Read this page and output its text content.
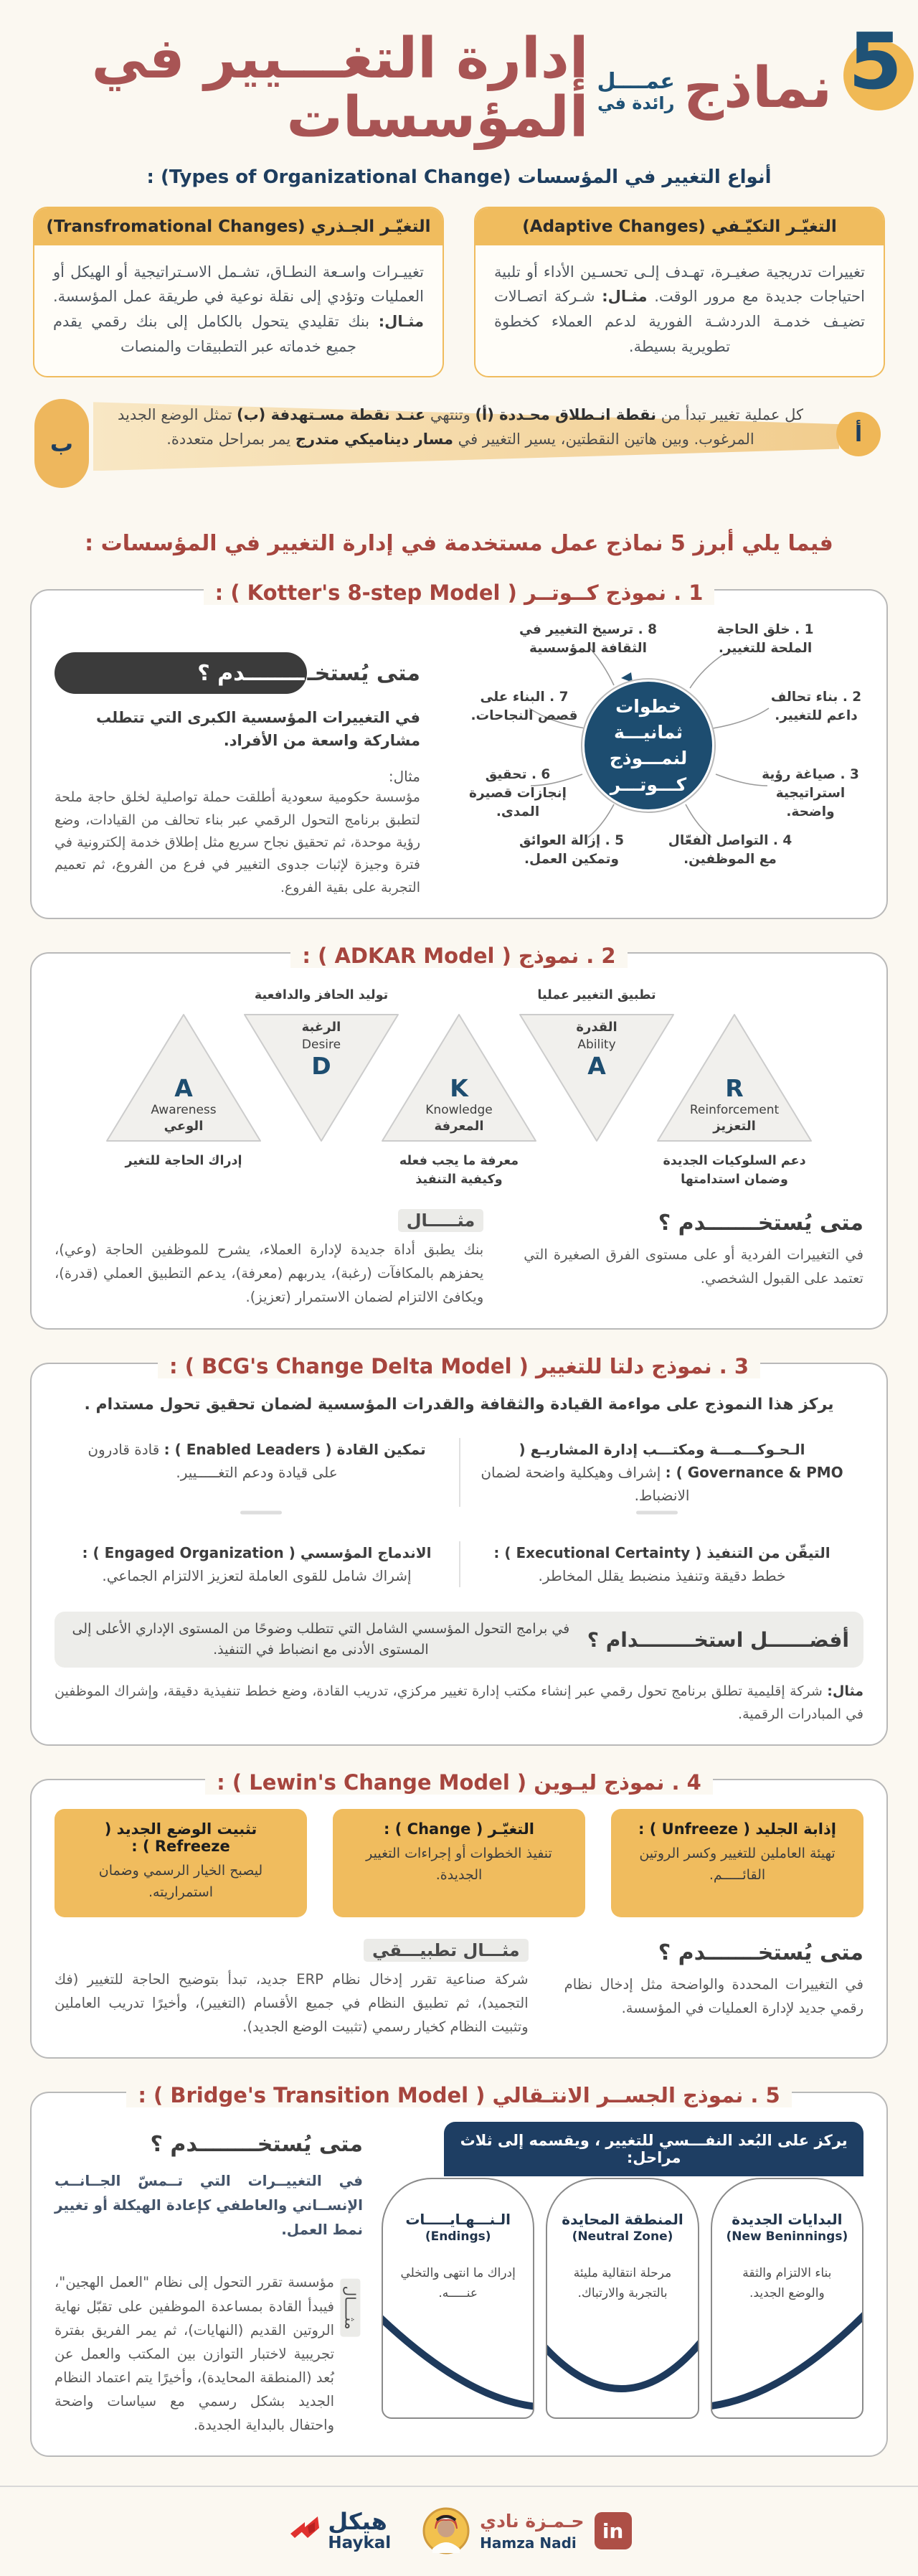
5
نماذج
عمــــل
رائدة في
إدارة التغـــيير في المؤسسات
أنواع التغيير في المؤسسات (Types of Organizational Change) :
التغيّـر التكيّـفي (Adaptive Changes)
تغييرات تدريجية صغيـرة، تهـدف إلـى تحسـين الأداء أو تلبية احتياجات جديدة مع مرور الوقت. مثـال: شـركة اتصـالات تضيـف خدمـة الدردشـة الفورية لدعم العملاء كخطوة تطويرية بسيطة.
التغيّـر الجـذري (Transfromational Changes)
تغييـرات واسـعة النطـاق، تشـمل الاسـتراتيجية أو الهيكل أو العمليات وتؤدي إلى نقلة نوعية في طريقة عمل المؤسسة. مثـال: بنك تقليدي يتحول بالكامل إلى بنك رقمي يقدم جميع خدماته عبر التطبيقات والمنصات
أ
ب
كل عملية تغيير تبدأ من نقطة انـطلاق محـددة (أ) وتنتهي عنـد نقطة مسـتهدفة (ب) تمثل الوضع الجديد المرغوب. وبين هاتين النقطتين، يسير التغيير في مسار ديناميكي متدرج يمر بمراحل متعددة.
فيما يلي أبرز 5 نماذج عمل مستخدمة في إدارة التغيير في المؤسسات :
1 . نموذج كــوتــر ( Kotter's 8-step Model ) :
خطوات ثمانيـــة لنمـــوذج كـــوتـــر
1 . خلق الحاجة الملحة للتغيير.
8 . ترسيخ التغيير في الثقافة المؤسسية
2 . بناء تحالف داعم للتغيير.
7 . البناء على قصص النجاحات.
3 . صياغة رؤية استراتيجية واضحة.
6 . تحقيق إنجازات قصيرة المدى.
4 . التواصل الفعّال مع الموظفين.
5 . إزالة العوائق وتمكين العمل.
متى يُستخـ
ــــــــدم ؟
في التغييرات المؤسسية الكبرى التي تتطلب مشاركة واسعة من الأفراد.
مثال:
مؤسسة حكومية سعودية أطلقت حملة تواصلية لخلق حاجة ملحة لتطبق برنامج التحول الرقمي عبر بناء تحالف من القيادات، وضع رؤية موحدة، ثم تحقيق نجاح سريع مثل إطلاق خدمة إلكترونية في فترة وجيزة لإثبات جدوى التغيير في فرع من الفروع، ثم تعميم التجربة على بقية الفروع.
2 . نموذج ( ADKAR Model ) :
تطبيق التغيير عمليا
توليد الحافز والدافعية
R
Reinforcement
التعزيز
القدرة
Ability
A
K
Knowledge
المعرفة
الرغبة
Desire
D
A
Awareness
الوعي
دعم السلوكيات الجديدة وضمان استدامتها
معرفة ما يجب فعله وكيفية التنفيذ
إدراك الحاجة للتغير
متى يُستخـــــــدم ؟
في التغييرات الفردية أو على مستوى الفرق الصغيرة التي تعتمد على القبول الشخصي.
مثـــــال
بنك يطبق أداة جديدة لإدارة العملاء، يشرح للموظفين الحاجة (وعي)، يحفزهم بالمكافآت (رغبة)، يدربهم (معرفة)، يدعم التطبيق العملي (قدرة)، ويكافئ الالتزام لضمان الاستمرار (تعزيز).
3 . نموذج دلتا للتغيير ( BCG's Change Delta Model ) :
يركز هذا النموذج على مواءمة القيادة والثقافة والقدرات المؤسسية لضمان تحقيق تحول مستدام .
الـحـوكـــمـــة ومكتـــب إدارة المشاريـع ( Governance & PMO ) : إشراف وهيكلية واضحة لضمان الانضباط.
تمكين القادة ( Enabled Leaders ) : قادة قادرون على قيادة ودعم التغـــــيير.
التيقّن من التنفيذ ( Executional Certainty ) : خطط دقيقة وتنفيذ منضبط يقلل المخاطر.
الاندماج المؤسسي ( Engaged Organization ) : إشراك شامل للقوى العاملة لتعزيز الالتزام الجماعي.
أفضــــــل استخــــــــدام ؟
في برامج التحول المؤسسي الشامل التي تتطلب وضوحًا من المستوى الإداري الأعلى إلى المستوى الأدنى مع انضباط في التنفيذ.
مثال: شركة إقليمية تطلق برنامج تحول رقمي عبر إنشاء مكتب إدارة تغيير مركزي، تدريب القادة، وضع خطط تنفيذية دقيقة، وإشراك الموظفين في المبادرات الرقمية.
4 . نموذج ليـوين ( Lewin's Change Model ) :
إذابة الجليد ( Unfreeze ) :
تهيئة العاملين للتغيير وكسر الروتين القائـــــم.
التغيّـر ( Change ) :
تنفيذ الخطوات أو إجراءات التغيير الجديدة.
تثبيت الوضع الجديد ( Refreeze ) :
ليصبح الخيار الرسمي وضمان استمراريته.
متى يُستخـــــــدم ؟
في التغييرات المحددة والواضحة مثل إدخال نظام رقمي جديد لإدارة العمليات في المؤسسة.
مثـــال تطبيـــقي
شركة صناعية تقرر إدخال نظام ERP جديد، تبدأ بتوضيح الحاجة للتغيير (فك التجميد)، ثم تطبيق النظام في جميع الأقسام (التغيير)، وأخيرًا تدريب العاملين وتثبيت النظام كخيار رسمي (تثبيت الوضع الجديد).
5 . نموذج الجســر الانتـقالي ( Bridge's Transition Model ) :
يركز على البُعد النفـــسي للتغيير ، ويقسمه إلى ثلاث مراحل:
البدايات الجديدة
(New Beninnings)
بناء الالتزام والثقة والوضع الجديد.
المنطقة المحايدة
(Neutral Zone)
مرحلة انتقالية مليئة بالتجربة والارتباك.
الـنـــهـايـــــات
(Endings)
إدراك ما انتهى والتخلي عنـــــه.
متى يُستخــــــــدم ؟
في التغييــرات التي تــمسّ الجــانــب الإنســاني والعاطفي كإعادة الهيكلة أو تغيير نمط العمل.
مثــــال
مؤسسة تقرر التحول إلى نظام "العمل الهجين"، فيبدأ القادة بمساعدة الموظفين على تقبّل نهاية الروتين القديم (النهايات)، ثم يمر الفريق بفترة تجريبية لاختبار التوازن بين المكتب والعمل عن بُعد (المنطقة المحايدة)، وأخيرًا يتم اعتماد النظام الجديد بشكل رسمي مع سياسات واضحة واحتفال بالبداية الجديدة.
هيكل
Haykal
حـمـزة نادي
Hamza Nadi	in
